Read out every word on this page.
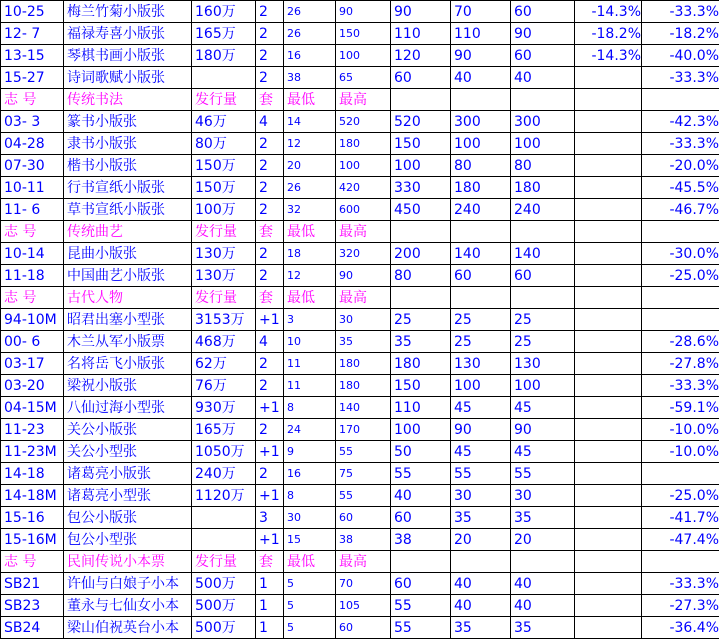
10-25	梅兰竹菊小版张	160万	2	26	90	90	70	60	-14.3%	-33.3%
12- 7	福禄寿喜小版张	165万	2	26	150	110	110	90	-18.2%	-18.2%
13-15	琴棋书画小版张	180万	2	16	100	120	90	60	-14.3%	-40.0%
15-27	诗词歌赋小版张		2	38	65	60	40	40		-33.3%
志 号	传统书法	发行量	套	最低	最高					
03- 3	篆书小版张	46万	4	14	520	520	300	300		-42.3%
04-28	隶书小版张	80万	2	12	180	150	100	100		-33.3%
07-30	楷书小版张	150万	2	20	100	100	80	80		-20.0%
10-11	行书宣纸小版张	150万	2	26	420	330	180	180		-45.5%
11- 6	草书宣纸小版张	100万	2	32	600	450	240	240		-46.7%
志 号	传统曲艺	发行量	套	最低	最高					
10-14	昆曲小版张	130万	2	18	320	200	140	140		-30.0%
11-18	中国曲艺小版张	130万	2	12	90	80	60	60		-25.0%
志 号	古代人物	发行量	套	最低	最高					
94-10M	昭君出塞小型张	3153万	+1	3	30	25	25	25		
00- 6	木兰从军小版票	468万	4	10	35	35	25	25		-28.6%
03-17	名将岳飞小版张	62万	2	11	180	180	130	130		-27.8%
03-20	梁祝小版张	76万	2	11	180	150	100	100		-33.3%
04-15M	八仙过海小型张	930万	+1	8	140	110	45	45		-59.1%
11-23	关公小版张	165万	2	24	170	100	90	90		-10.0%
11-23M	关公小型张	1050万	+1	9	55	50	45	45		-10.0%
14-18	诸葛亮小版张	240万	2	16	75	55	55	55		
14-18M	诸葛亮小型张	1120万	+1	8	55	40	30	30		-25.0%
15-16	包公小版张		3	30	60	60	35	35		-41.7%
15-16M	包公小型张		+1	15	38	38	20	20		-47.4%
志 号	民间传说小本票	发行量	套	最低	最高					
SB21	许仙与白娘子小本	500万	1	5	70	60	40	40		-33.3%
SB23	董永与七仙女小本	500万	1	5	105	55	40	40		-27.3%
SB24	梁山伯祝英台小本	500万	1	5	60	55	35	35		-36.4%
